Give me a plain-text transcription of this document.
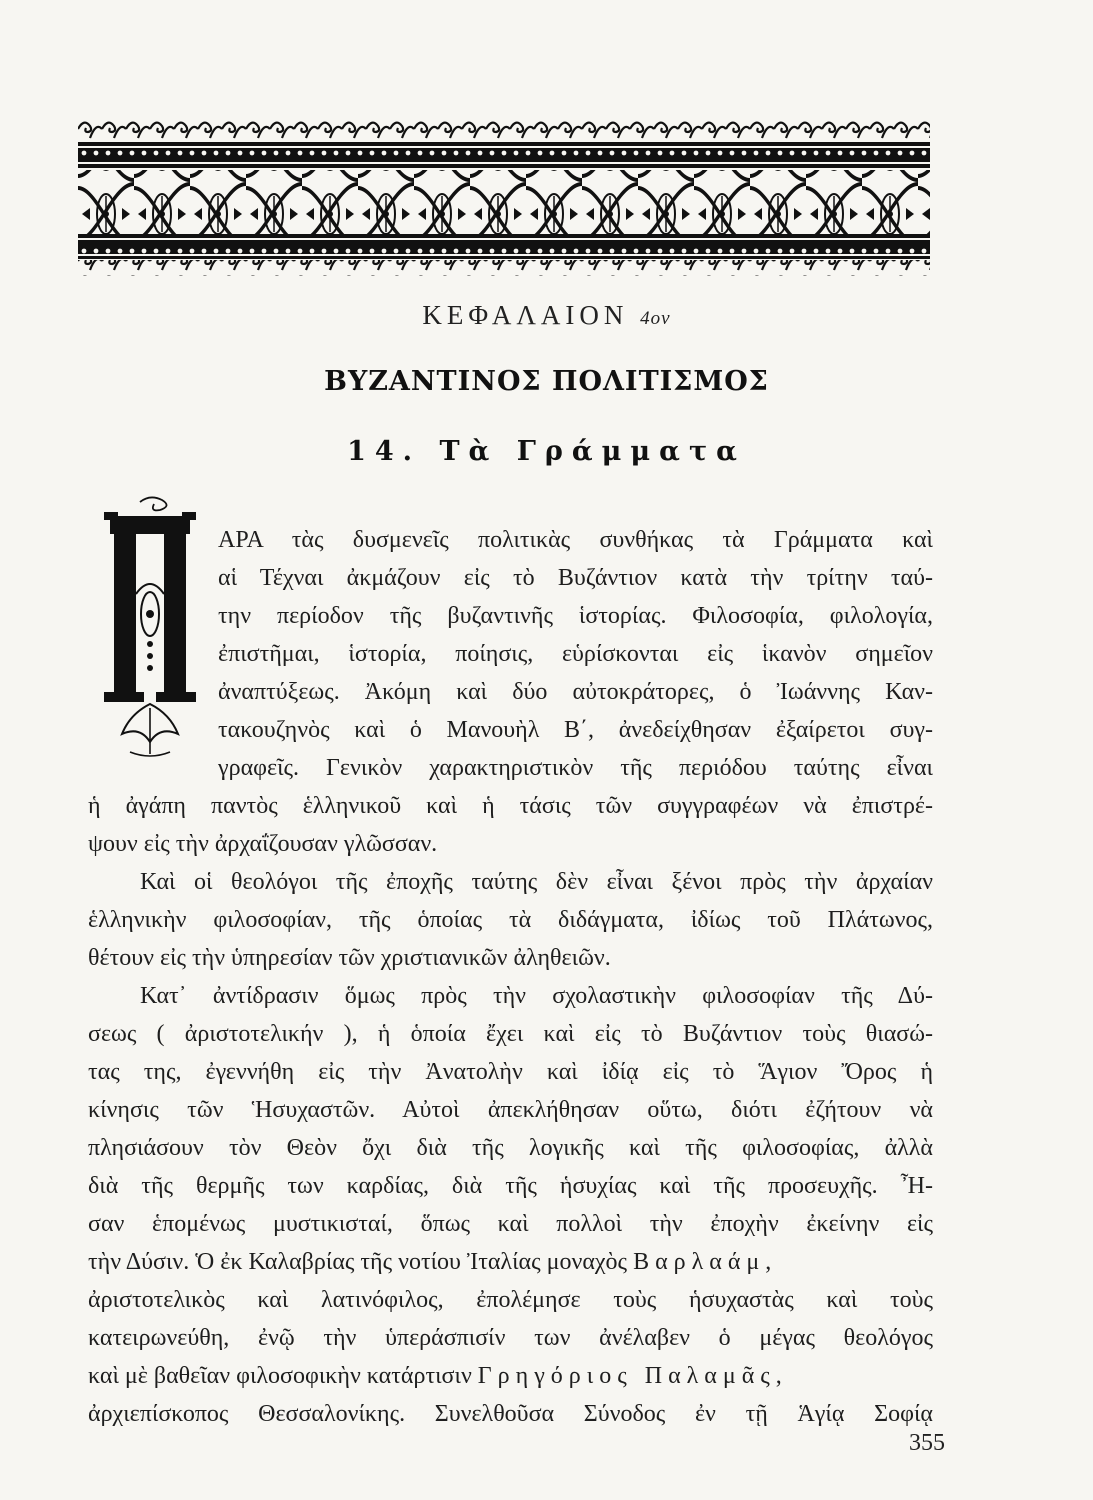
ΚΕΦΑΛΑΙΟΝ 4ον
ΒΥΖΑΝΤΙΝΟΣ ΠΟΛΙΤΙΣΜΟΣ
14. Τὰ Γράμματα
Π
ΑΡΑ τὰς δυσμενεῖς πολιτικὰς συνθήκας τὰ Γράμματα καὶ
αἱ Τέχναι ἀκμάζουν εἰς τὸ Βυζάντιον κατὰ τὴν τρίτην ταύ-
την περίοδον τῆς βυζαντινῆς ἱστορίας. Φιλοσοφία, φιλολογία,
ἐπιστῆμαι, ἱστορία, ποίησις, εὑρίσκονται εἰς ἱκανὸν σημεῖον
ἀναπτύξεως. Ἀκόμη καὶ δύο αὐτοκράτορες, ὁ Ἰωάννης Καν-
τακουζηνὸς καὶ ὁ Μανουὴλ Β΄, ἀνεδείχθησαν ἐξαίρετοι συγ-
γραφεῖς. Γενικὸν χαρακτηριστικὸν τῆς περιόδου ταύτης εἶναι
ἡ ἀγάπη παντὸς ἑλληνικοῦ καὶ ἡ τάσις τῶν συγγραφέων νὰ ἐπιστρέ-
ψουν εἰς τὴν ἀρχαΐζουσαν γλῶσσαν.
Καὶ οἱ θεολόγοι τῆς ἐποχῆς ταύτης δὲν εἶναι ξένοι πρὸς τὴν ἀρχαίαν
ἑλληνικὴν φιλοσοφίαν, τῆς ὁποίας τὰ διδάγματα, ἰδίως τοῦ Πλάτωνος,
θέτουν εἰς τὴν ὑπηρεσίαν τῶν χριστιανικῶν ἀληθειῶν.
Κατ᾽ ἀντίδρασιν ὅμως πρὸς τὴν σχολαστικὴν φιλοσοφίαν τῆς Δύ-
σεως ( ἀριστοτελικήν ), ἡ ὁποία ἔχει καὶ εἰς τὸ Βυζάντιον τοὺς θιασώ-
τας της, ἐγεννήθη εἰς τὴν Ἀνατολὴν καὶ ἰδίᾳ εἰς τὸ Ἅγιον Ὄρος ἡ
κίνησις τῶν Ἡσυχαστῶν. Αὐτοὶ ἀπεκλήθησαν οὕτω, διότι ἐζήτουν νὰ
πλησιάσουν τὸν Θεὸν ὄχι διὰ τῆς λογικῆς καὶ τῆς φιλοσοφίας, ἀλλὰ
διὰ τῆς θερμῆς των καρδίας, διὰ τῆς ἡσυχίας καὶ τῆς προσευχῆς. Ἦ-
σαν ἑπομένως μυστικισταί, ὅπως καὶ πολλοὶ τὴν ἐποχὴν ἐκείνην εἰς
τὴν Δύσιν. Ὁ ἐκ Καλαβρίας τῆς νοτίου Ἰταλίας μοναχὸς Βαρλαάμ,
ἀριστοτελικὸς καὶ λατινόφιλος, ἐπολέμησε τοὺς ἡσυχαστὰς καὶ τοὺς
κατειρωνεύθη, ἐνῷ τὴν ὑπεράσπισίν των ἀνέλαβεν ὁ μέγας θεολόγος
καὶ μὲ βαθεῖαν φιλοσοφικὴν κατάρτισιν Γρηγόριος Παλαμᾶς,
ἀρχιεπίσκοπος Θεσσαλονίκης. Συνελθοῦσα Σύνοδος ἐν τῇ Ἁγίᾳ Σοφίᾳ
355
